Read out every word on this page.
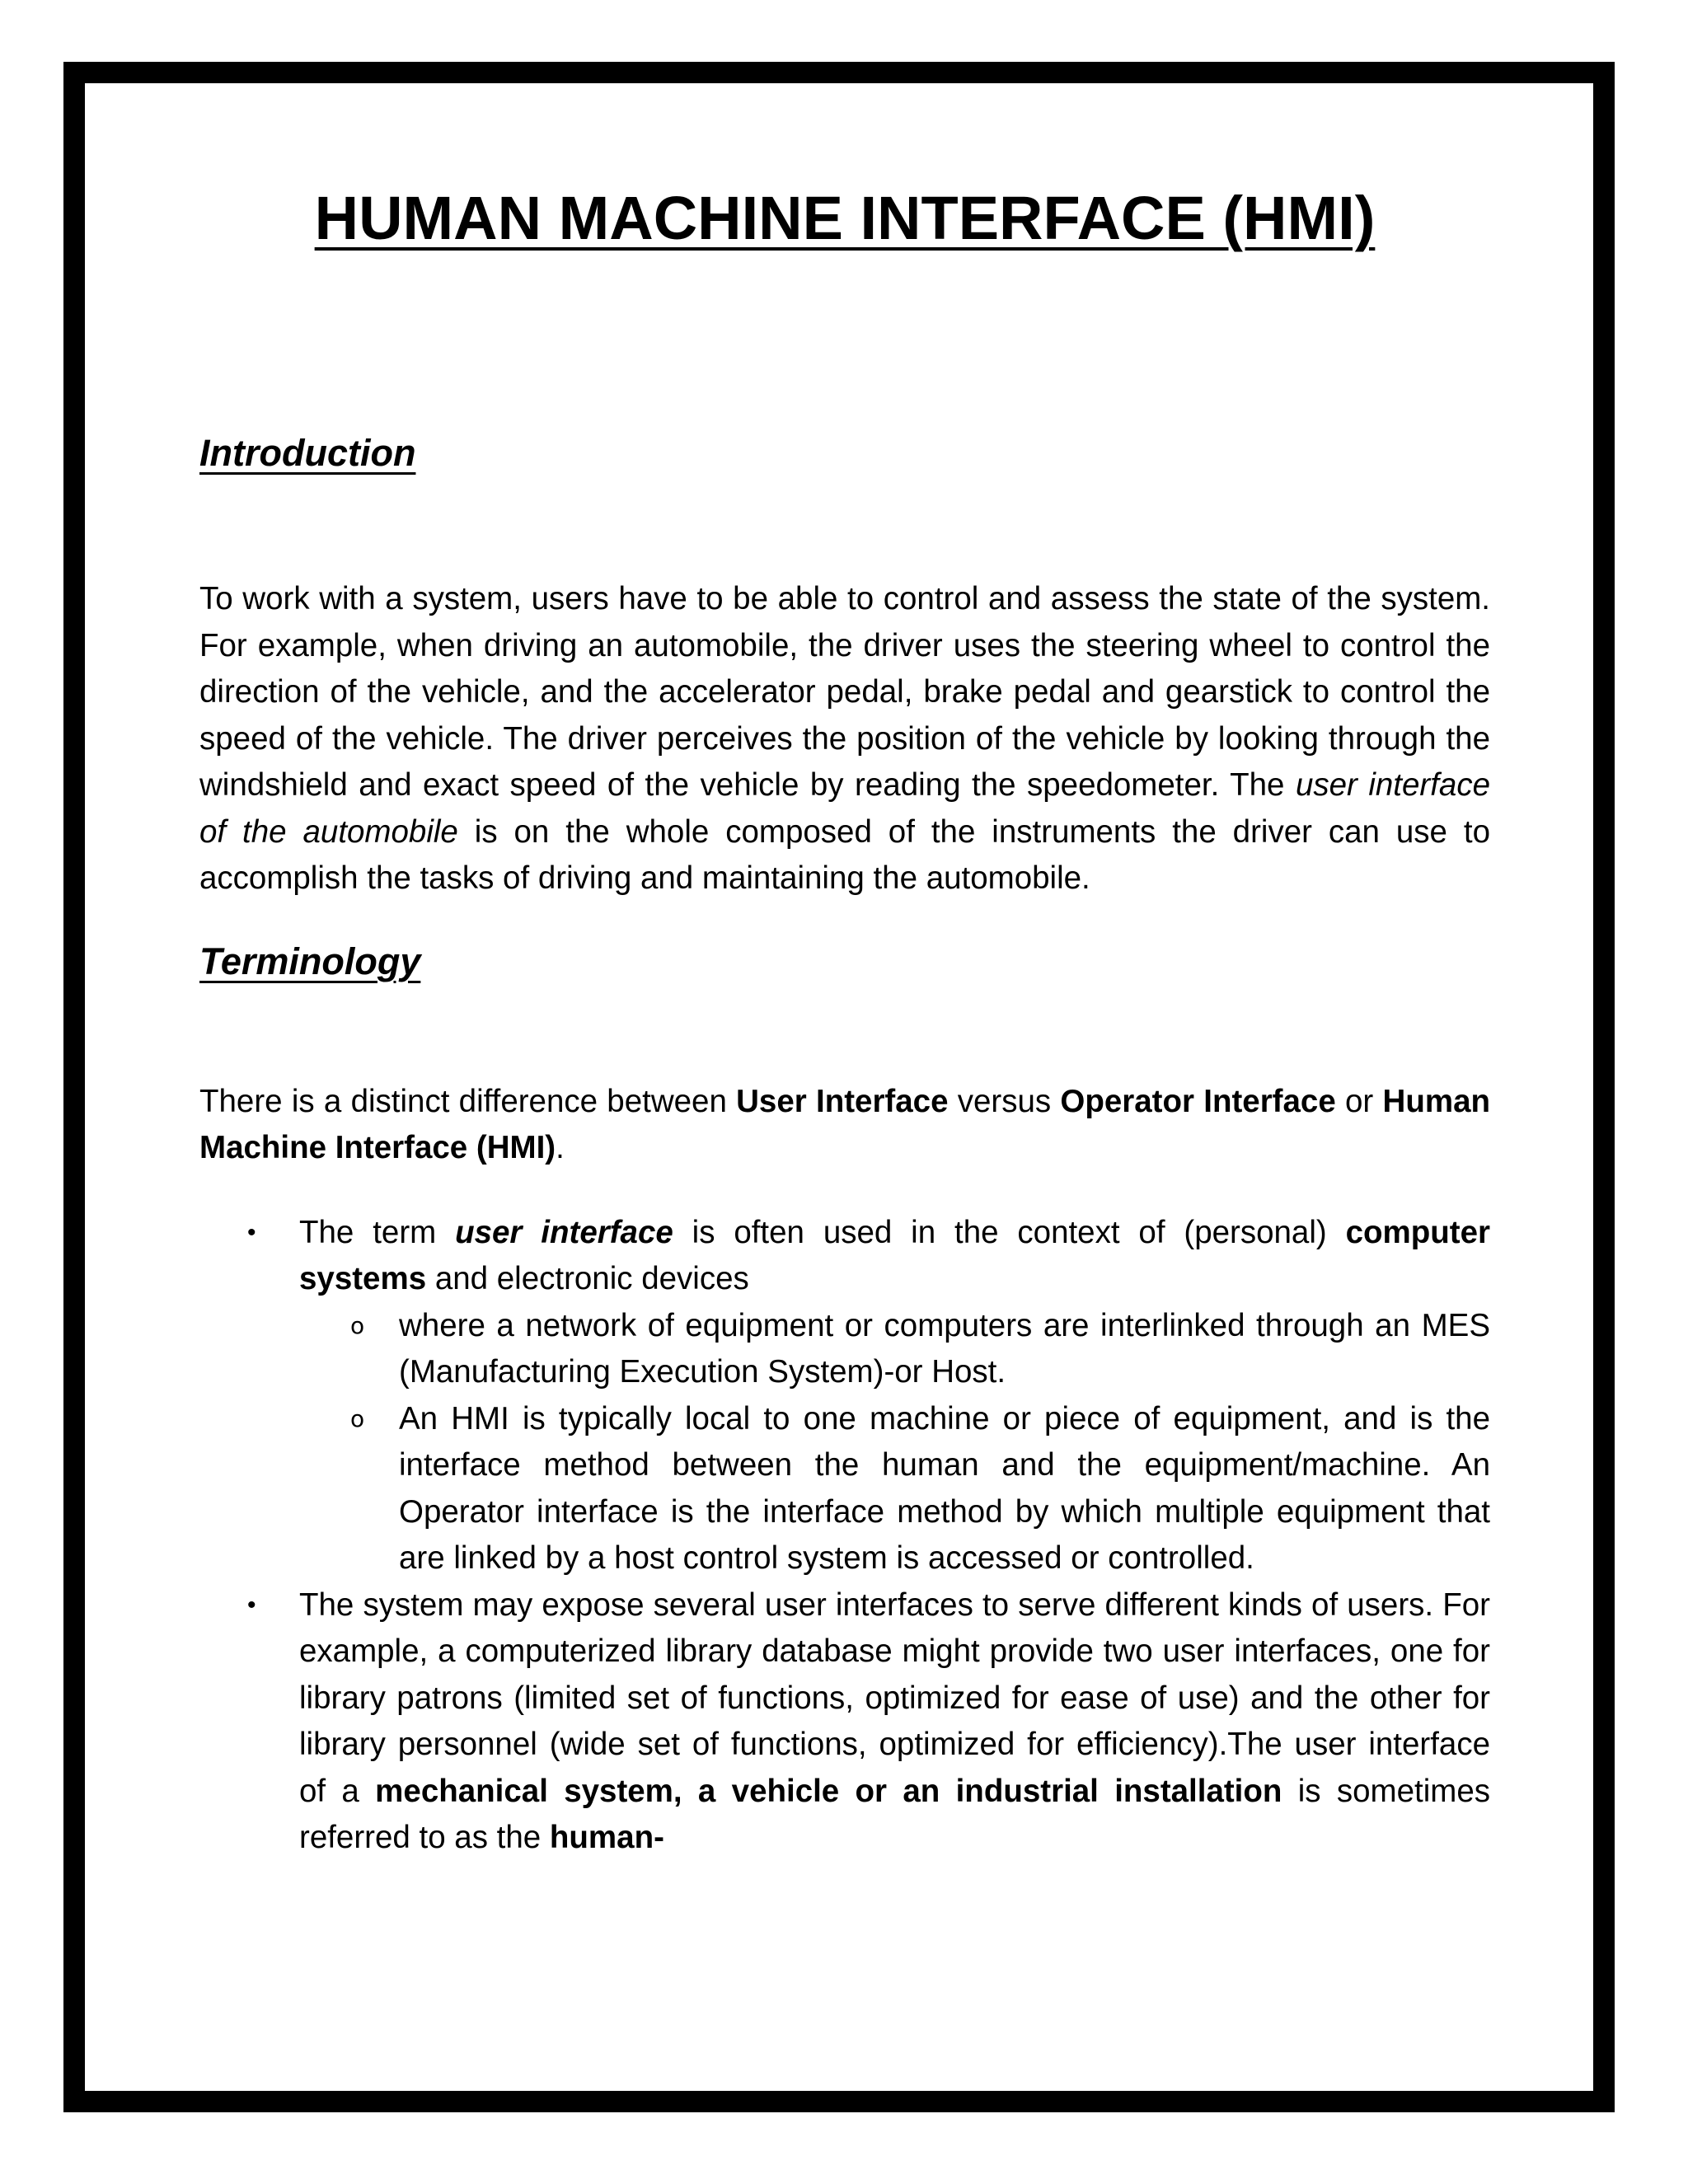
HUMAN MACHINE INTERFACE (HMI)
Introduction

To work with a system, users have to be able to control and assess the state of the system. For example, when driving an automobile, the driver uses the steering wheel to control the direction of the vehicle, and the accelerator pedal, brake pedal and gearstick to control the speed of the vehicle. The driver perceives the position of the vehicle by looking through the windshield and exact speed of the vehicle by reading the speedometer. The user interface of the automobile is on the whole composed of the instruments the driver can use to accomplish the tasks of driving and maintaining the automobile.

Terminology

There is a distinct difference between User Interface versus Operator Interface or Human Machine Interface (HMI).

• The term user interface is often used in the context of (personal) computer systems and electronic devices
o where a network of equipment or computers are interlinked through an MES (Manufacturing Execution System)-or Host.
o An HMI is typically local to one machine or piece of equipment, and is the interface method between the human and the equipment/machine. An Operator interface is the interface method by which multiple equipment that are linked by a host control system is accessed or controlled.
• The system may expose several user interfaces to serve different kinds of users. For example, a computerized library database might provide two user interfaces, one for library patrons (limited set of functions, optimized for ease of use) and the other for library personnel (wide set of functions, optimized for efficiency).The user interface of a mechanical system, a vehicle or an industrial installation is sometimes referred to as the human-
